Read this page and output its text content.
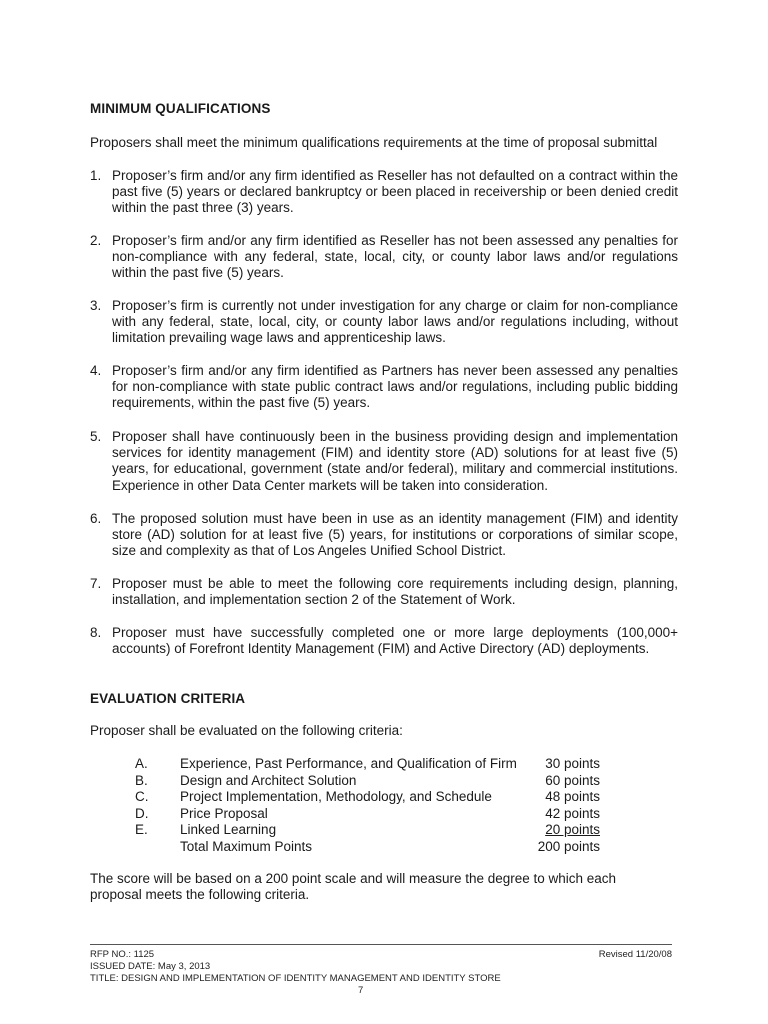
MINIMUM QUALIFICATIONS
Proposers shall meet the minimum qualifications requirements at the time of proposal submittal
1. Proposer’s firm and/or any firm identified as Reseller has not defaulted on a contract within the past five (5) years or declared bankruptcy or been placed in receivership or been denied credit within the past three (3) years.
2. Proposer’s firm and/or any firm identified as Reseller has not been assessed any penalties for non-compliance with any federal, state, local, city, or county labor laws and/or regulations within the past five (5) years.
3. Proposer’s firm is currently not under investigation for any charge or claim for non-compliance with any federal, state, local, city, or county labor laws and/or regulations including, without limitation prevailing wage laws and apprenticeship laws.
4. Proposer’s firm and/or any firm identified as Partners has never been assessed any penalties for non-compliance with state public contract laws and/or regulations, including public bidding requirements, within the past five (5) years.
5. Proposer shall have continuously been in the business providing design and implementation services for identity management (FIM) and identity store (AD) solutions for at least five (5) years, for educational, government (state and/or federal), military and commercial institutions. Experience in other Data Center markets will be taken into consideration.
6. The proposed solution must have been in use as an identity management (FIM) and identity store (AD) solution for at least five (5) years, for institutions or corporations of similar scope, size and complexity as that of Los Angeles Unified School District.
7. Proposer must be able to meet the following core requirements including design, planning, installation, and implementation section 2 of the Statement of Work.
8. Proposer must have successfully completed one or more large deployments (100,000+ accounts) of Forefront Identity Management (FIM) and Active Directory (AD) deployments.
EVALUATION CRITERIA
Proposer shall be evaluated on the following criteria:
A. Experience, Past Performance, and Qualification of Firm 30 points
B. Design and Architect Solution	60 points
C. Project Implementation, Methodology, and Schedule	48 points
D. Price Proposal	42 points
E. Linked Learning	20 points
Total Maximum Points	200 points
The score will be based on a 200 point scale and will measure the degree to which each proposal meets the following criteria.
RFP NO.: 1125	Revised 11/20/08
ISSUED DATE: May 3, 2013
TITLE: DESIGN AND IMPLEMENTATION OF IDENTITY MANAGEMENT AND IDENTITY STORE
7
